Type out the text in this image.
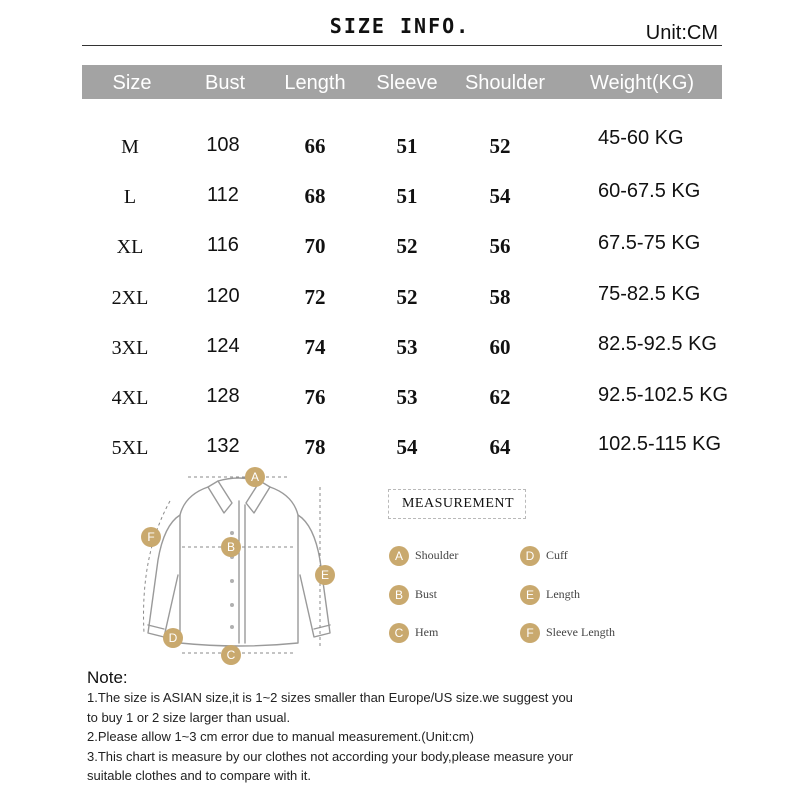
SIZE INFO.	Unit:CM
Size	Bust	Length	Sleeve	Shoulder	Weight(KG)
M	108	66	51	52	45-60 KG
L	112	68	51	54	60-67.5 KG
XL	116	70	52	56	67.5-75 KG
2XL	120	72	52	58	75-82.5 KG
3XL	124	74	53	60	82.5-92.5 KG
4XL	128	76	53	62	92.5-102.5 KG
5XL	132	78	54	64	102.5-115 KG
A
B
C
D
E
F
MEASUREMENT
A	Shoulder	D Cuff
B	Bust	E	Length
C Hem	F	Sleeve Length
Note:
1.The size is ASIAN size,it is 1~2 sizes smaller than Europe/US size.we suggest you
to buy 1 or 2 size larger than usual.
2.Please allow 1~3 cm error due to manual measurement.(Unit:cm)
3.This chart is measure by our clothes not according your body,please measure your
suitable clothes and to compare with it.
